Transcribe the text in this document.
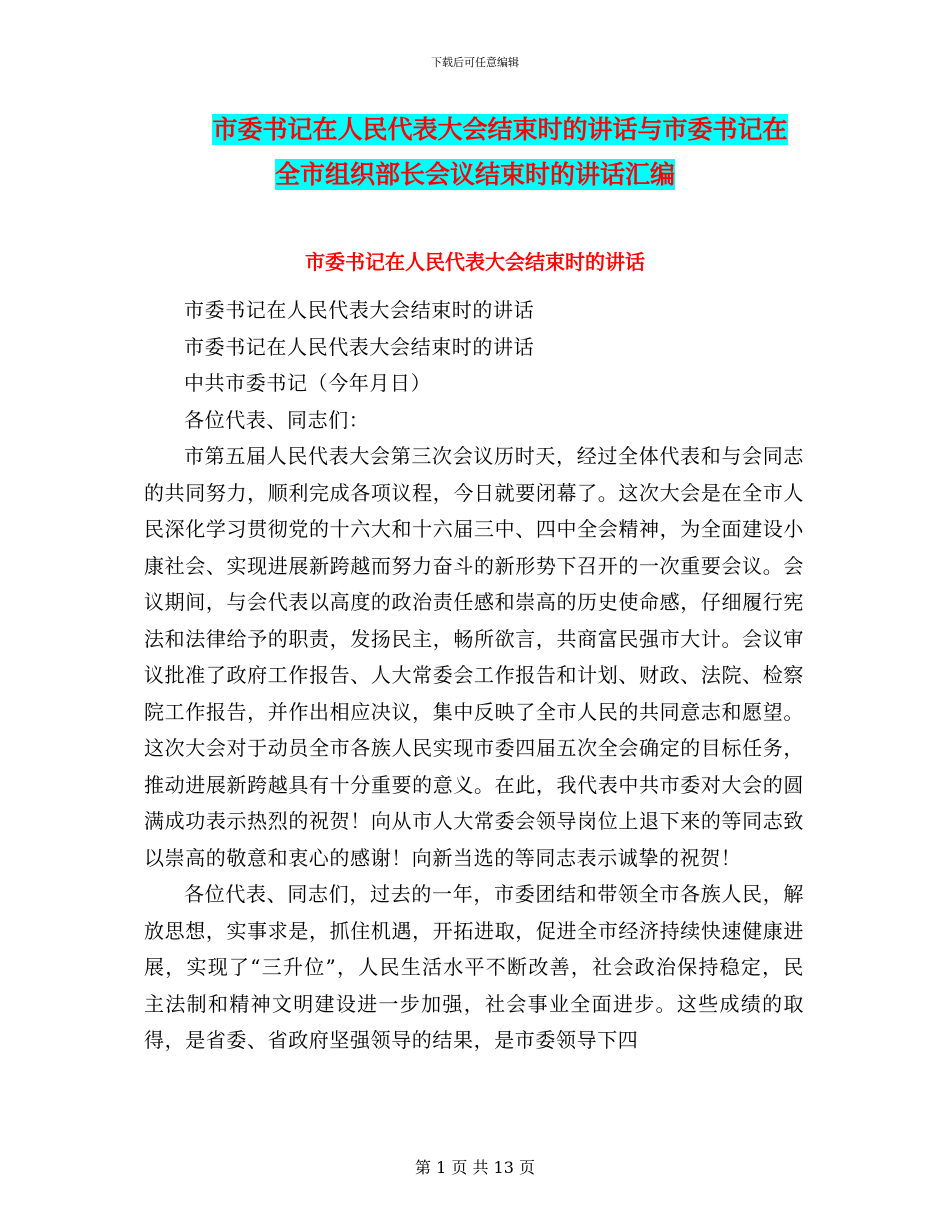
下载后可任意编辑
市委书记在人民代表大会结束时的讲话与市委书记在
全市组织部长会议结束时的讲话汇编
市委书记在人民代表大会结束时的讲话

市委书记在人民代表大会结束时的讲话

市委书记在人民代表大会结束时的讲话

中共市委书记（今年月日）

各位代表、同志们：

市第五届人民代表大会第三次会议历时天，经过全体代表和与会同志的共同努力，顺利完成各项议程，今日就要闭幕了。这次大会是在全市人民深化学习贯彻党的十六大和十六届三中、四中全会精神，为全面建设小康社会、实现进展新跨越而努力奋斗的新形势下召开的一次重要会议。会议期间，与会代表以高度的政治责任感和崇高的历史使命感，仔细履行宪法和法律给予的职责，发扬民主，畅所欲言，共商富民强市大计。会议审议批准了政府工作报告、人大常委会工作报告和计划、财政、法院、检察院工作报告，并作出相应决议，集中反映了全市人民的共同意志和愿望。这次大会对于动员全市各族人民实现市委四届五次全会确定的目标任务，推动进展新跨越具有十分重要的意义。在此，我代表中共市委对大会的圆满成功表示热烈的祝贺！向从市人大常委会领导岗位上退下来的等同志致以崇高的敬意和衷心的感谢！向新当选的等同志表示诚挚的祝贺！

各位代表、同志们，过去的一年，市委团结和带领全市各族人民，解放思想，实事求是，抓住机遇，开拓进取，促进全市经济持续快速健康进展，实现了“三升位”，人民生活水平不断改善，社会政治保持稳定，民主法制和精神文明建设进一步加强，社会事业全面进步。这些成绩的取得，是省委、省政府坚强领导的结果，是市委领导下四

第 1 页 共 13 页
